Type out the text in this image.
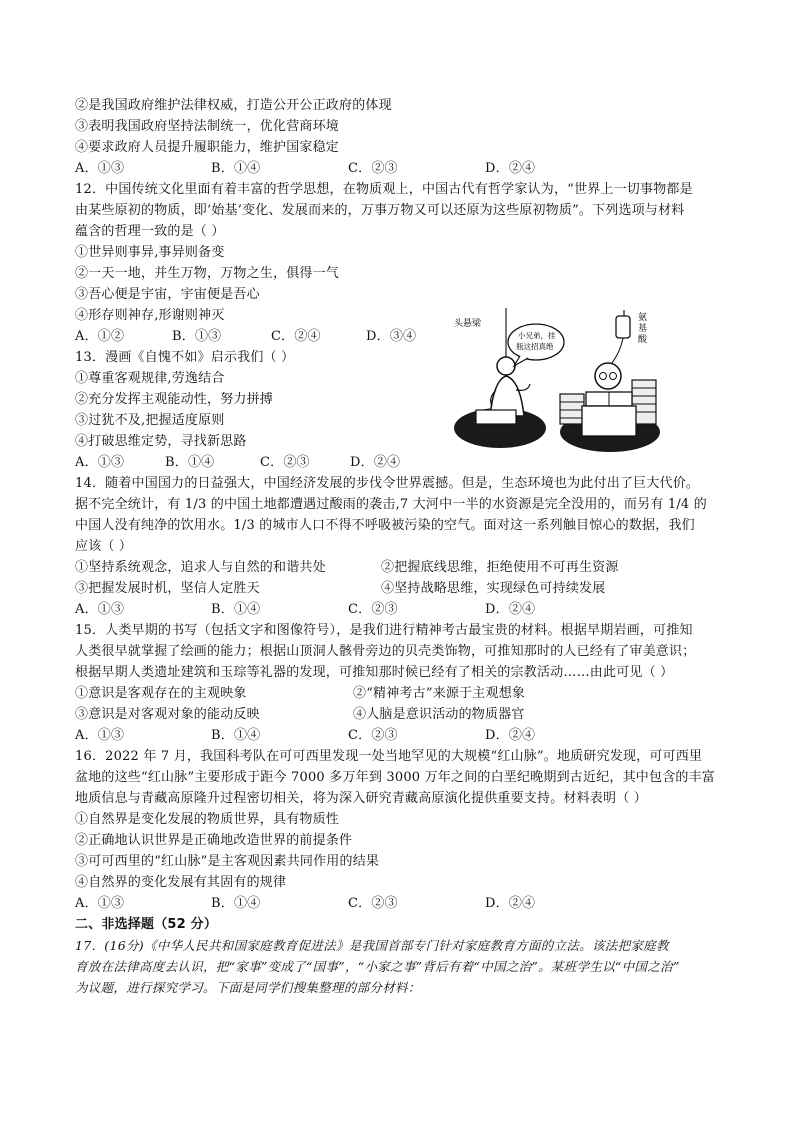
②是我国政府维护法律权威，打造公开公正政府的体现
③表明我国政府坚持法制统一，优化营商环境
④要求政府人员提升履职能力，维护国家稳定
A．①③	B．①④	C．②③	D．②④
12．中国传统文化里面有着丰富的哲学思想，在物质观上，中国古代有哲学家认为，“世界上一切事物都是
由某些原初的物质，即‘始基’变化、发展而来的，万事万物又可以还原为这些原初物质”。下列选项与材料
蕴含的哲理一致的是（ ）
①世异则事异,事异则备变
②一天一地，并生万物，万物之生，俱得一气
③吾心便是宇宙，宇宙便是吾心
④形存则神存,形谢则神灭
A．①②	B．①③	C．②④	D．③④
13．漫画《自愧不如》启示我们（ ）
①尊重客观规律,劳逸结合
②充分发挥主观能动性，努力拼搏
③过犹不及,把握适度原则
④打破思维定势，寻找新思路
A．①③	B．①④	C．②③	D．②④
头悬梁
小兄弟，挂
瓶这招真绝
氨
基
酸
14．随着中国国力的日益强大，中国经济发展的步伐令世界震撼。但是，生态环境也为此付出了巨大代价。
据不完全统计，有 1/3 的中国土地都遭遇过酸雨的袭击,7 大河中一半的水资源是完全没用的，而另有 1/4 的
中国人没有纯净的饮用水。1/3 的城市人口不得不呼吸被污染的空气。面对这一系列触目惊心的数据，我们
应该（ ）
①坚持系统观念，追求人与自然的和谐共处	②把握底线思维，拒绝使用不可再生资源
③把握发展时机，坚信人定胜天	④坚持战略思维，实现绿色可持续发展
A．①③	B．①④	C．②③	D．②④
15．人类早期的书写（包括文字和图像符号），是我们进行精神考古最宝贵的材料。根据早期岩画，可推知
人类很早就掌握了绘画的能力；根据山顶洞人骸骨旁边的贝壳类饰物，可推知那时的人已经有了审美意识；
根据早期人类遗址建筑和玉琮等礼器的发现，可推知那时候已经有了相关的宗教活动……由此可见（ ）
①意识是客观存在的主观映象	②“精神考古”来源于主观想象
③意识是对客观对象的能动反映	④人脑是意识活动的物质器官
A．①③	B．①④	C．②③	D．②④
16．2022 年 7 月，我国科考队在可可西里发现一处当地罕见的大规模“红山脉”。地质研究发现，可可西里
盆地的这些“红山脉”主要形成于距今 7000 多万年到 3000 万年之间的白垩纪晚期到古近纪，其中包含的丰富
地质信息与青藏高原隆升过程密切相关，将为深入研究青藏高原演化提供重要支持。材料表明（ ）
①自然界是变化发展的物质世界，具有物质性
②正确地认识世界是正确地改造世界的前提条件
③可可西里的“红山脉”是主客观因素共同作用的结果
④自然界的变化发展有其固有的规律
A．①③	B．①④	C．②③	D．②④
二、非选择题（52 分）
17．(16分)《中华人民共和国家庭教育促进法》是我国首部专门针对家庭教育方面的立法。该法把家庭教
育放在法律高度去认识，把“家事”变成了“国事”，“小家之事”背后有着“中国之治”。某班学生以“中国之治”
为议题，进行探究学习。下面是同学们搜集整理的部分材料：
